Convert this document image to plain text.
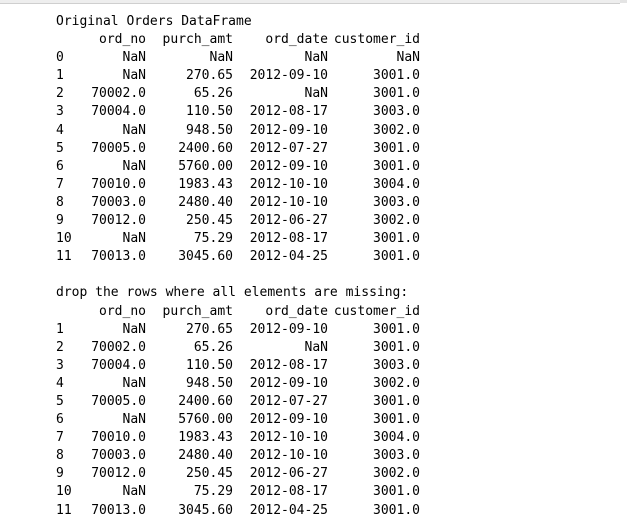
Original Orders DataFrame
	ord_no	purch_amt	ord_date	customer_id
0	NaN	NaN	NaN	NaN
1	NaN	270.65	2012-09-10	3001.0
2	70002.0	65.26	NaN	3001.0
3	70004.0	110.50	2012-08-17	3003.0
4	NaN	948.50	2012-09-10	3002.0
5	70005.0	2400.60	2012-07-27	3001.0
6	NaN	5760.00	2012-09-10	3001.0
7	70010.0	1983.43	2012-10-10	3004.0
8	70003.0	2480.40	2012-10-10	3003.0
9	70012.0	250.45	2012-06-27	3002.0
10	NaN	75.29	2012-08-17	3001.0
11	70013.0	3045.60	2012-04-25	3001.0
drop the rows where all elements are missing:
	ord_no	purch_amt	ord_date	customer_id
1	NaN	270.65	2012-09-10	3001.0
2	70002.0	65.26	NaN	3001.0
3	70004.0	110.50	2012-08-17	3003.0
4	NaN	948.50	2012-09-10	3002.0
5	70005.0	2400.60	2012-07-27	3001.0
6	NaN	5760.00	2012-09-10	3001.0
7	70010.0	1983.43	2012-10-10	3004.0
8	70003.0	2480.40	2012-10-10	3003.0
9	70012.0	250.45	2012-06-27	3002.0
10	NaN	75.29	2012-08-17	3001.0
11	70013.0	3045.60	2012-04-25	3001.0
